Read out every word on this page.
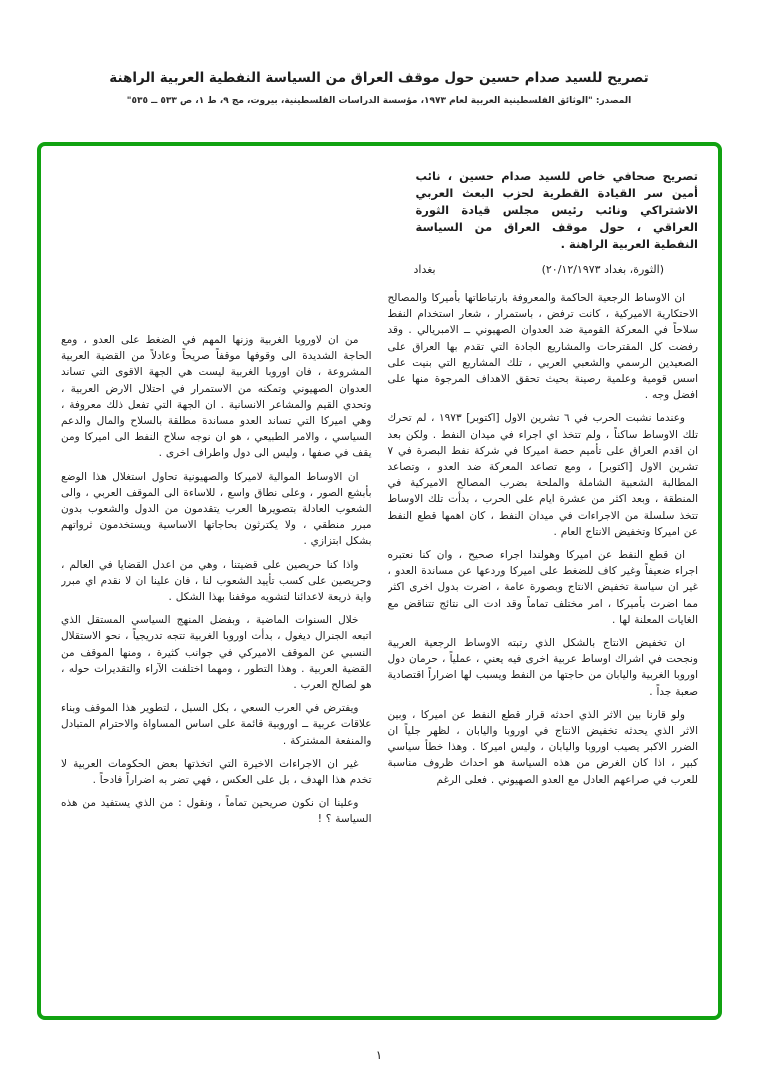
تصريح للسيد صدام حسين حول موقف العراق من السياسة النفطية العربية الراهنة
المصدر: "الوثائق الفلسطينية العربية لعام ١٩٧٣، مؤسسة الدراسات الفلسطينية، بيروت، مج ٩، ط ١، ص ٥٣٣ ــ ٥٣٥"

تصريح صحافي خاص للسيد صدام حسين ، نائب أمين سر القيادة القطرية لحزب البعث العربي الاشتراكي ونائب رئيس مجلس قيادة الثورة العراقي ، حول موقف العراق من السياسة النفطية العربية الراهنة .

بغداد	(الثورة، بغداد ٢٠/١٢/١٩٧٣)

ان الاوساط الرجعية الحاكمة والمعروفة بارتباطاتها بأميركا والمصالح الاحتكارية الاميركية ، كانت ترفض ، باستمرار ، شعار استخدام النفط سلاحاً في المعركة القومية ضد العدوان الصهيوني ــ الامبريالي . وقد رفضت كل المقترحات والمشاريع الجادة التي تقدم بها العراق على الصعيدين الرسمي والشعبي العربي ، تلك المشاريع التي بنيت على اسس قومية وعلمية رصينة بحيث تحقق الاهداف المرجوة منها على افضل وجه .

وعندما نشبت الحرب في ٦ تشرين الاول [اكتوبر] ١٩٧٣ ، لم تحرك تلك الاوساط ساكناً ، ولم تتخذ اي اجراء في ميدان النفط . ولكن بعد ان اقدم العراق على تأميم حصة اميركا في شركة نفط البصرة في ٧ تشرين الاول [اكتوبر] ، ومع تصاعد المعركة ضد العدو ، وتصاعد المطالبة الشعبية الشاملة والملحة بضرب المصالح الاميركية في المنطقة ، وبعد اكثر من عشرة ايام على الحرب ، بدأت تلك الاوساط تتخذ سلسلة من الاجراءات في ميدان النفط ، كان اهمها قطع النفط عن اميركا وتخفيض الانتاج العام .

ان قطع النفط عن اميركا وهولندا اجراء صحيح ، وان كنا نعتبره اجراء ضعيفاً وغير كاف للضغط على اميركا وردعها عن مساندة العدو ، غير ان سياسة تخفيض الانتاج وبصورة عامة ، اضرت بدول اخرى اكثر مما اضرت بأميركا ، امر مختلف تماماً وقد ادت الى نتائج تتناقض مع الغايات المعلنة لها .

ان تخفيض الانتاج بالشكل الذي رتبته الاوساط الرجعية العربية ونجحت في اشراك اوساط عربية اخرى فيه يعني ، عملياً ، حرمان دول اوروبا الغربية واليابان من حاجتها من النفط ويسبب لها اضراراً اقتصادية صعبة جداً .

ولو قارنا بين الاثر الذي احدثه قرار قطع النفط عن اميركا ، وبين الاثر الذي يحدثه تخفيض الانتاج في اوروبا واليابان ، لظهر جلياً ان الضرر الاكبر يصيب اوروبا واليابان ، وليس اميركا . وهذا خطأ سياسي كبير ، اذا كان الغرض من هذه السياسة هو احداث ظروف مناسبة للعرب في صراعهم العادل مع العدو الصهيوني . فعلى الرغم

من ان لاوروبا الغربية وزنها المهم في الضغط على العدو ، ومع الحاجة الشديدة الى وقوفها موقفاً صريحاً وعادلاً من القضية العربية المشروعة ، فان اوروبا الغربية ليست هي الجهة الاقوى التي تساند العدوان الصهيوني وتمكنه من الاستمرار في احتلال الارض العربية ، وتحدي القيم والمشاعر الانسانية . ان الجهة التي تفعل ذلك معروفة ، وهي اميركا التي تساند العدو مساندة مطلقة بالسلاح والمال والدعم السياسي ، والامر الطبيعي ، هو ان نوجه سلاح النفط الى اميركا ومن يقف في صفها ، وليس الى دول واطراف اخرى .

ان الاوساط الموالية لاميركا والصهيونية تحاول استغلال هذا الوضع بأبشع الصور ، وعلى نطاق واسع ، للاساءة الى الموقف العربي ، والى الشعوب العادلة بتصويرها العرب يتقدمون من الدول والشعوب بدون مبرر منطقي ، ولا يكترثون بحاجاتها الاساسية ويستخدمون ثرواتهم بشكل ابتزازي .

واذا كنا حريصين على قضيتنا ، وهي من اعدل القضايا في العالم ، وحريصين على كسب تأييد الشعوب لنا ، فان علينا ان لا نقدم اي مبرر واية ذريعة لاعدائنا لتشويه موقفنا بهذا الشكل .

خلال السنوات الماضية ، وبفضل المنهج السياسي المستقل الذي اتبعه الجنرال ديغول ، بدأت اوروبا الغربية تتجه تدريجياً ، نحو الاستقلال النسبي عن الموقف الاميركي في جوانب كثيرة ، ومنها الموقف من القضية العربية . وهذا التطور ، ومهما اختلفت الآراء والتقديرات حوله ، هو لصالح العرب .

ويفترض في العرب السعي ، بكل السبل ، لتطوير هذا الموقف وبناء علاقات عربية ــ اوروبية قائمة على اساس المساواة والاحترام المتبادل والمنفعة المشتركة .

غير ان الاجراءات الاخيرة التي اتخذتها بعض الحكومات العربية لا تخدم هذا الهدف ، بل على العكس ، فهي تضر به اضراراً فادحاً .

وعلينا ان نكون صريحين تماماً ، ونقول : من الذي يستفيد من هذه السياسة ؟ !

١
